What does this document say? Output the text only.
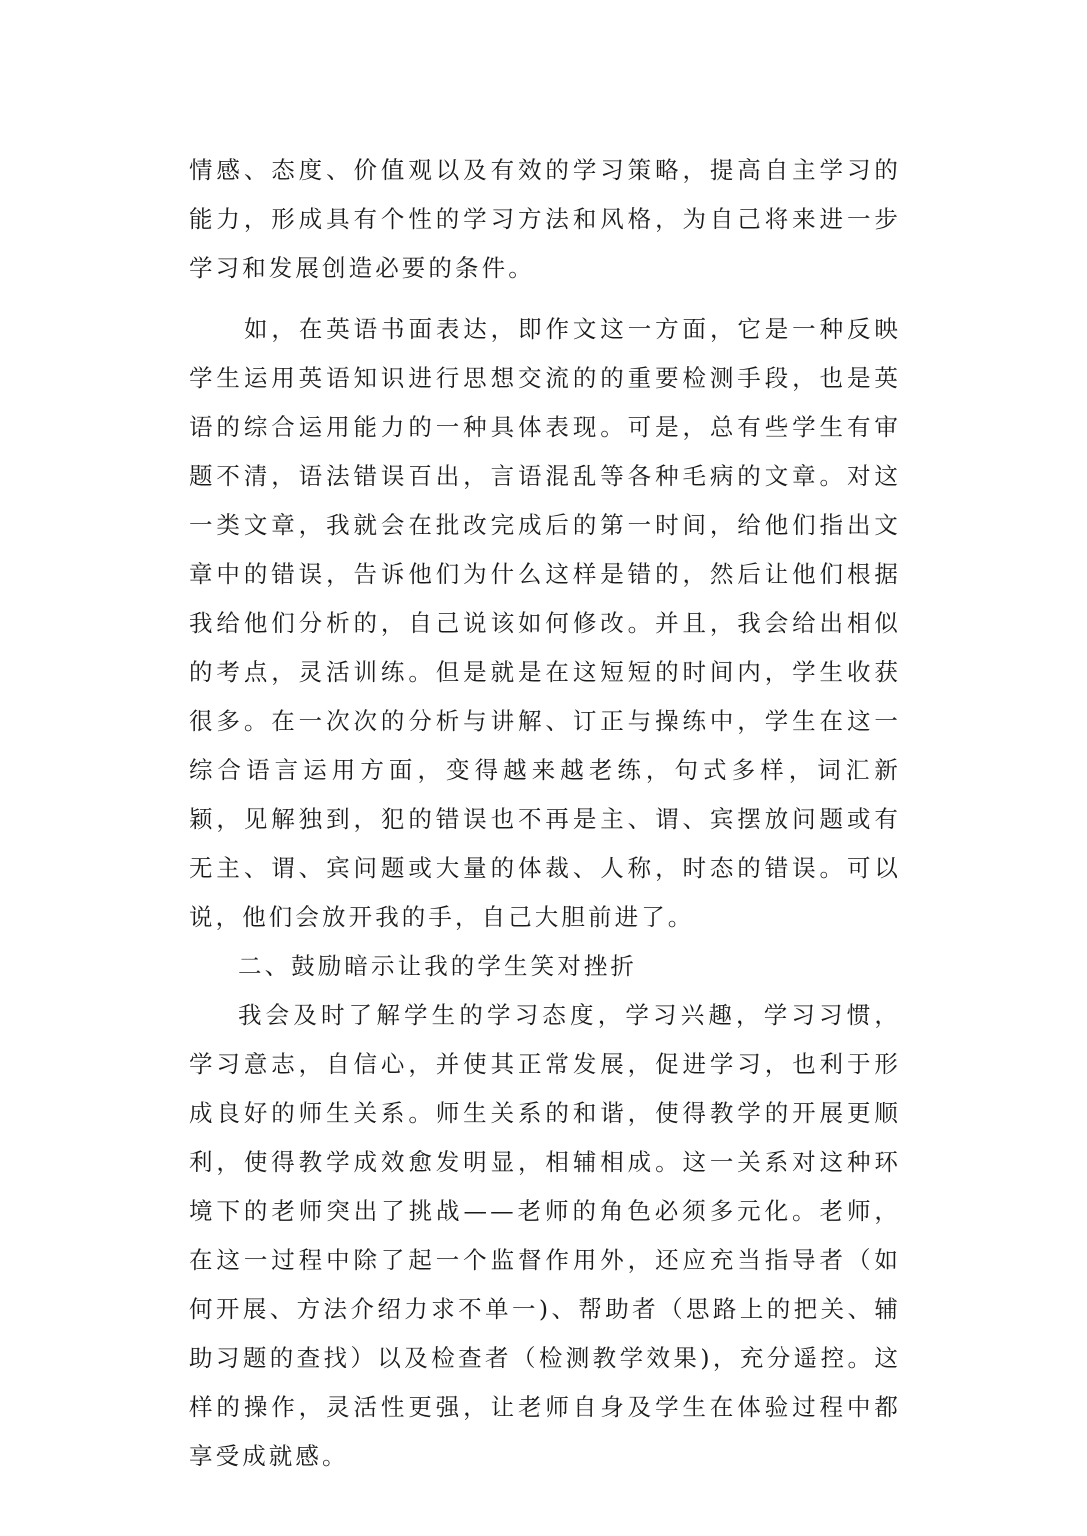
情感、态度、价值观以及有效的学习策略，提高自主学习的能力，形成具有个性的学习方法和风格，为自己将来进一步学习和发展创造必要的条件。

如，在英语书面表达，即作文这一方面，它是一种反映学生运用英语知识进行思想交流的的重要检测手段，也是英语的综合运用能力的一种具体表现。可是，总有些学生有审题不清，语法错误百出，言语混乱等各种毛病的文章。对这一类文章，我就会在批改完成后的第一时间，给他们指出文章中的错误，告诉他们为什么这样是错的，然后让他们根据我给他们分析的，自己说该如何修改。并且，我会给出相似的考点，灵活训练。但是就是在这短短的时间内，学生收获很多。在一次次的分析与讲解、订正与操练中，学生在这一综合语言运用方面，变得越来越老练，句式多样，词汇新颖，见解独到，犯的错误也不再是主、谓、宾摆放问题或有无主、谓、宾问题或大量的体裁、人称，时态的错误。可以说，他们会放开我的手，自己大胆前进了。

二、鼓励暗示让我的学生笑对挫折

我会及时了解学生的学习态度，学习兴趣，学习习惯，学习意志，自信心，并使其正常发展，促进学习，也利于形成良好的师生关系。师生关系的和谐，使得教学的开展更顺利，使得教学成效愈发明显，相辅相成。这一关系对这种环境下的老师突出了挑战——老师的角色必须多元化。老师，在这一过程中除了起一个监督作用外，还应充当指导者（如何开展、方法介绍力求不单一)、帮助者（思路上的把关、辅助习题的查找）以及检查者（检测教学效果)，充分遥控。这样的操作，灵活性更强，让老师自身及学生在体验过程中都享受成就感。
